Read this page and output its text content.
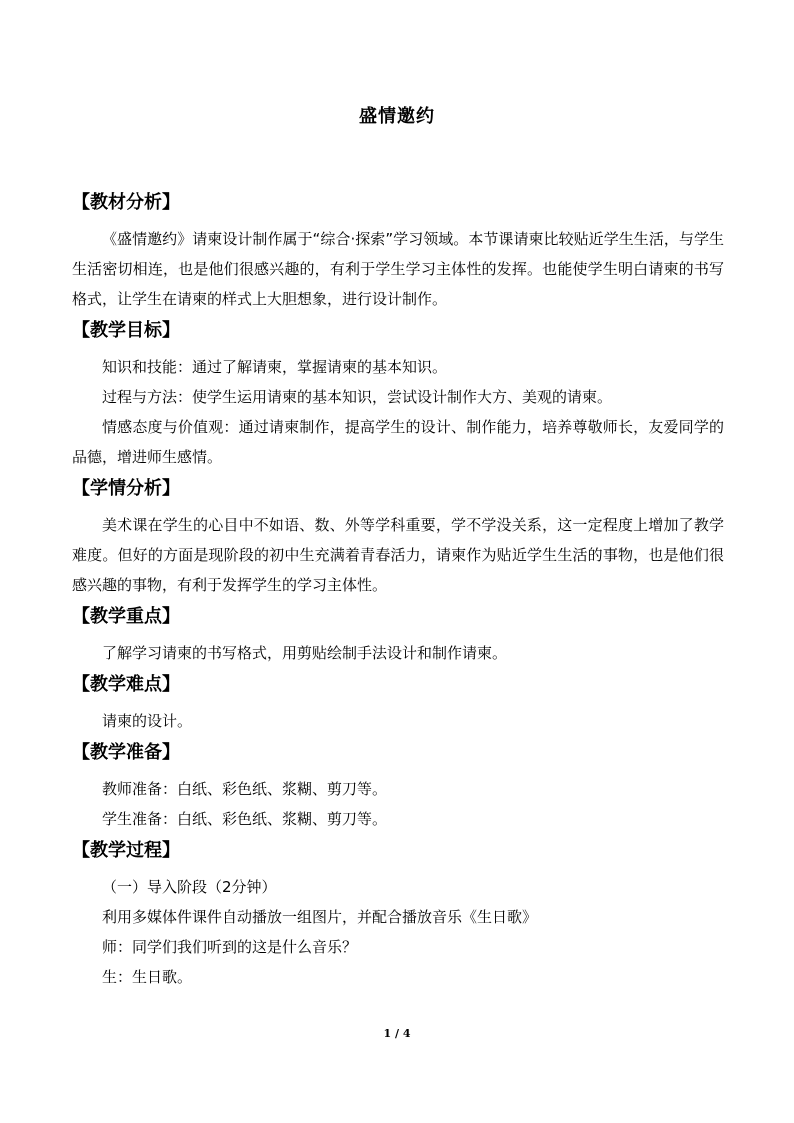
盛情邀约
【教材分析】

《盛情邀约》请柬设计制作属于“综合·探索”学习领域。本节课请柬比较贴近学生生活，与学生生活密切相连，也是他们很感兴趣的，有利于学生学习主体性的发挥。也能使学生明白请柬的书写格式，让学生在请柬的样式上大胆想象，进行设计制作。

【教学目标】

知识和技能：通过了解请柬，掌握请柬的基本知识。

过程与方法：使学生运用请柬的基本知识，尝试设计制作大方、美观的请柬。

情感态度与价值观：通过请柬制作，提高学生的设计、制作能力，培养尊敬师长，友爱同学的品德，增进师生感情。

【学情分析】

美术课在学生的心目中不如语、数、外等学科重要，学不学没关系，这一定程度上增加了教学难度。但好的方面是现阶段的初中生充满着青春活力，请柬作为贴近学生生活的事物，也是他们很感兴趣的事物，有利于发挥学生的学习主体性。

【教学重点】

了解学习请柬的书写格式，用剪贴绘制手法设计和制作请柬。

【教学难点】

请柬的设计。

【教学准备】

教师准备：白纸、彩色纸、浆糊、剪刀等。

学生准备：白纸、彩色纸、浆糊、剪刀等。

【教学过程】

（一）导入阶段（2分钟）

利用多媒体件课件自动播放一组图片，并配合播放音乐《生日歌》

师：同学们我们听到的这是什么音乐？

生：生日歌。

1 / 4
